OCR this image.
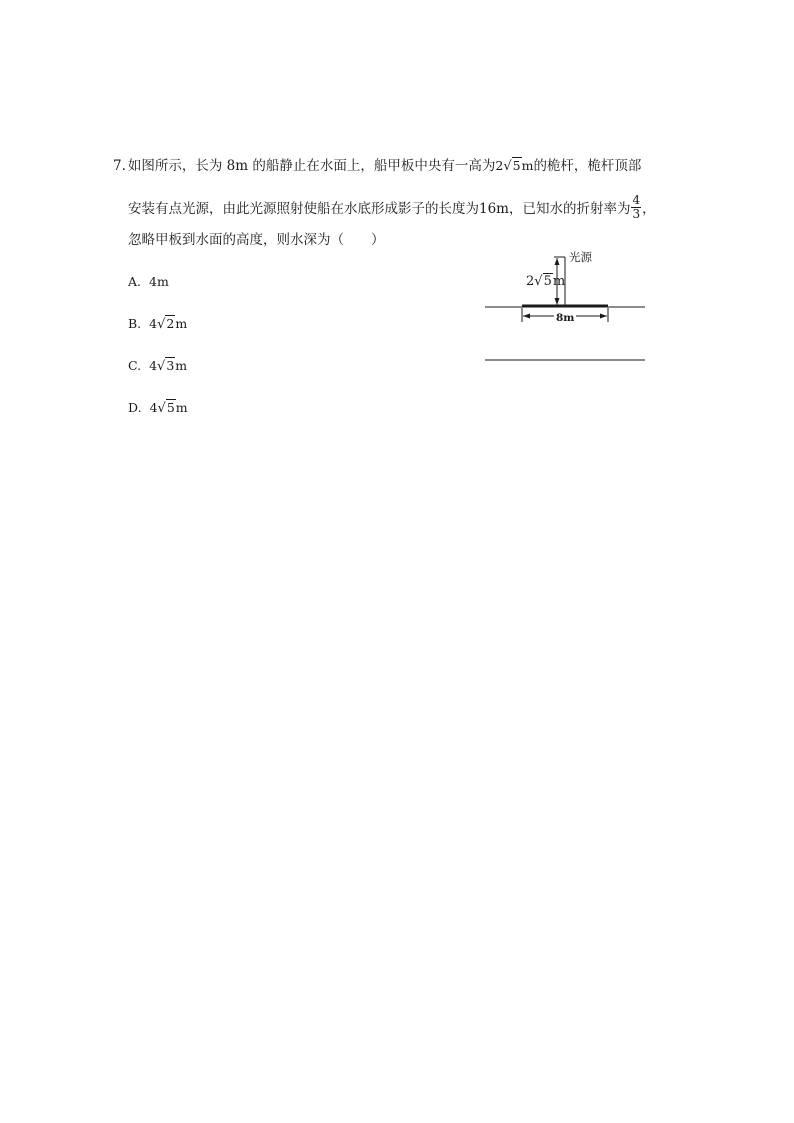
7. 如图所示，长为 8m 的船静止在水面上，船甲板中央有一高为2√5m的桅杆，桅杆顶部
安装有点光源，由此光源照射使船在水底形成影子的长度为16m，已知水的折射率为 $\frac{4}{3}$ ，
忽略甲板到水面的高度，则水深为（　　）
A. 4m
B. 4√2m
C. 4√3m
D. 4√5m
光源
2√5m
8m
